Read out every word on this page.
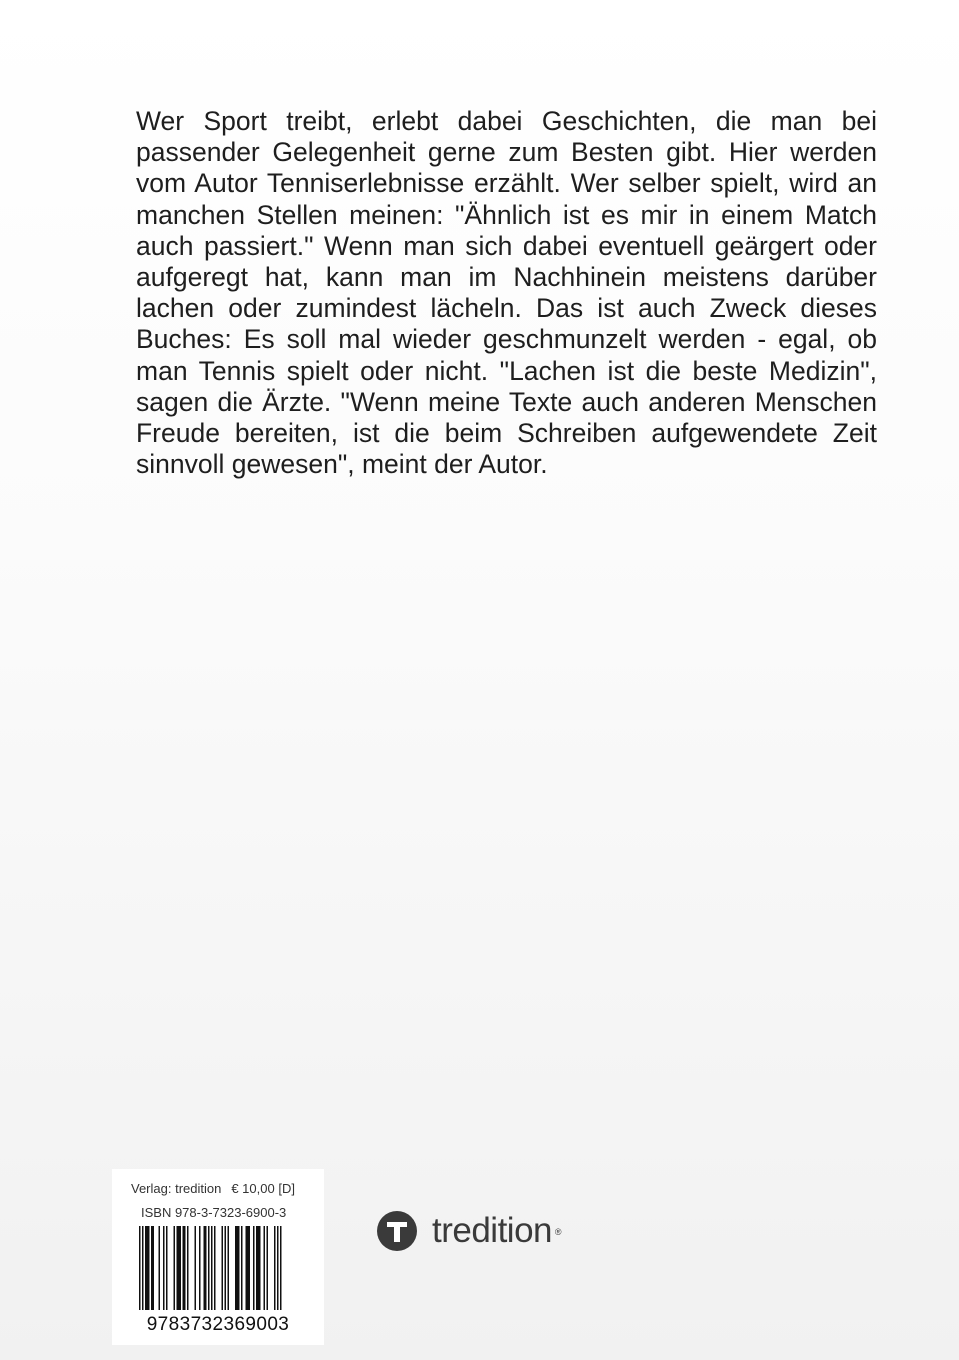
Wer Sport treibt, erlebt dabei Geschichten, die man bei passender Gelegenheit gerne zum Besten gibt. Hier werden vom Autor Tenniserlebnisse erzählt. Wer selber spielt, wird an manchen Stellen meinen: "Ähnlich ist es mir in einem Match auch passiert." Wenn man sich dabei eventuell geärgert oder aufgeregt hat, kann man im Nachhinein meistens darüber lachen oder zumindest lächeln. Das ist auch Zweck dieses Buches: Es soll mal wieder geschmunzelt werden - egal, ob man Tennis spielt oder nicht. "Lachen ist die beste Medizin", sagen die Ärzte. "Wenn meine Texte auch anderen Menschen Freude bereiten, ist die beim Schreiben aufgewendete Zeit sinnvoll gewesen", meint der Autor.

Verlag: tredition € 10,00 [D]
ISBN 978-3-7323-6900-3
9783732369003
tredition ®
